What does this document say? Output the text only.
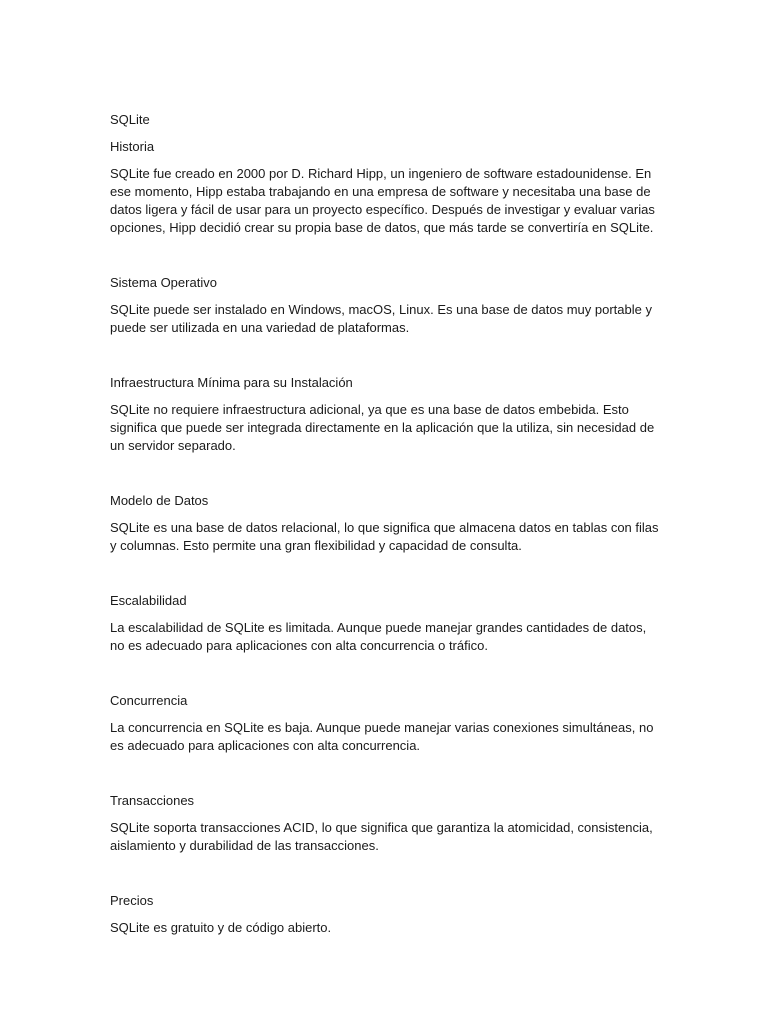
SQLite

Historia

SQLite fue creado en 2000 por D. Richard Hipp, un ingeniero de software estadounidense. En ese momento, Hipp estaba trabajando en una empresa de software y necesitaba una base de datos ligera y fácil de usar para un proyecto específico. Después de investigar y evaluar varias opciones, Hipp decidió crear su propia base de datos, que más tarde se convertiría en SQLite.

Sistema Operativo

SQLite puede ser instalado en Windows, macOS, Linux. Es una base de datos muy portable y puede ser utilizada en una variedad de plataformas.

Infraestructura Mínima para su Instalación

SQLite no requiere infraestructura adicional, ya que es una base de datos embebida. Esto significa que puede ser integrada directamente en la aplicación que la utiliza, sin necesidad de un servidor separado.

Modelo de Datos

SQLite es una base de datos relacional, lo que significa que almacena datos en tablas con filas y columnas. Esto permite una gran flexibilidad y capacidad de consulta.

Escalabilidad

La escalabilidad de SQLite es limitada. Aunque puede manejar grandes cantidades de datos, no es adecuado para aplicaciones con alta concurrencia o tráfico.

Concurrencia

La concurrencia en SQLite es baja. Aunque puede manejar varias conexiones simultáneas, no es adecuado para aplicaciones con alta concurrencia.

Transacciones

SQLite soporta transacciones ACID, lo que significa que garantiza la atomicidad, consistencia, aislamiento y durabilidad de las transacciones.

Precios

SQLite es gratuito y de código abierto.
